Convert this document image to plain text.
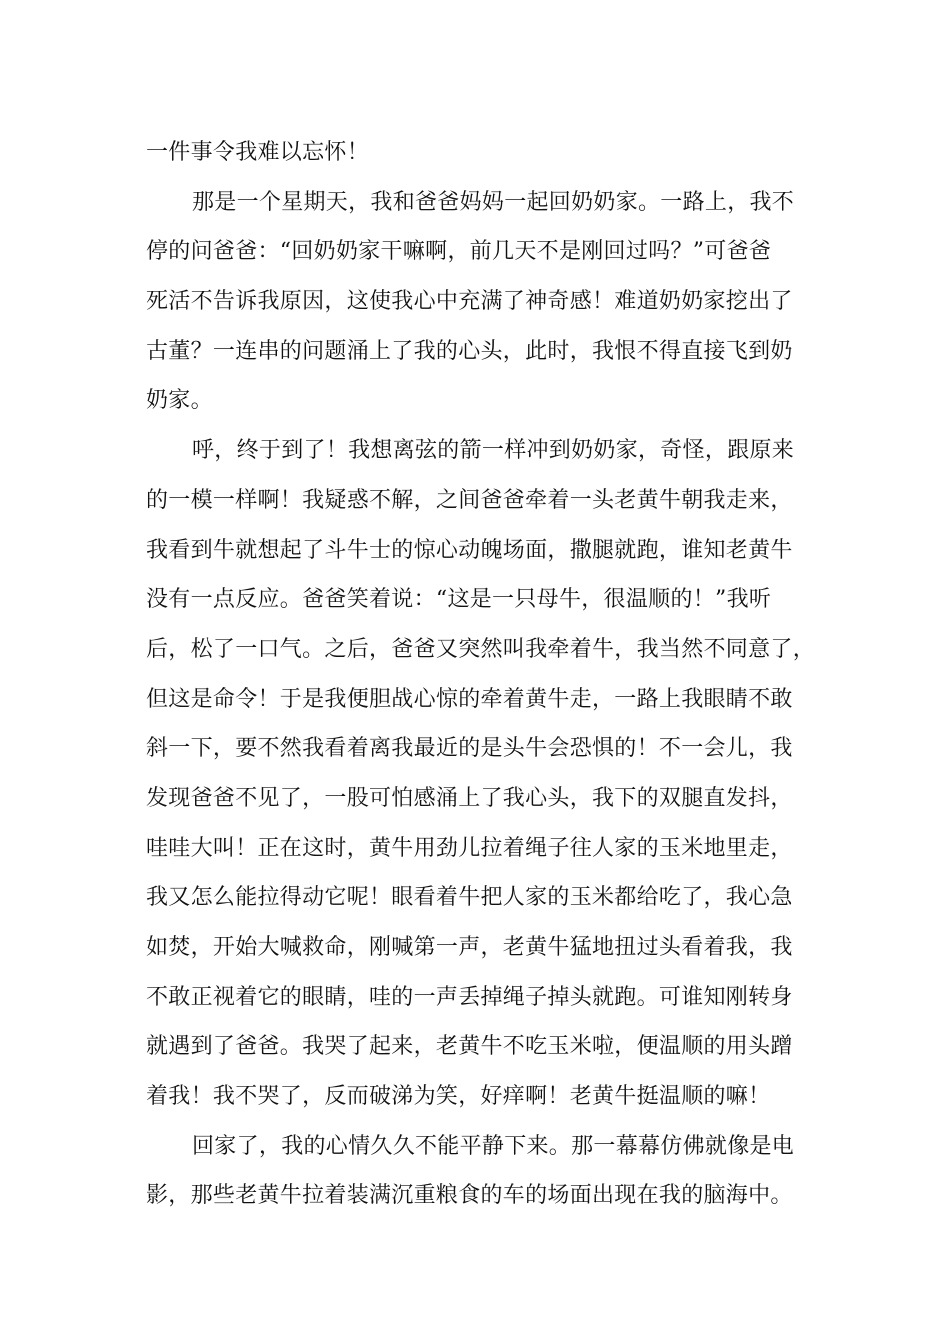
一件事令我难以忘怀！
那是一个星期天，我和爸爸妈妈一起回奶奶家。一路上，我不
停的问爸爸：“回奶奶家干嘛啊，前几天不是刚回过吗？”可爸爸
死活不告诉我原因，这使我心中充满了神奇感！难道奶奶家挖出了
古董？一连串的问题涌上了我的心头，此时，我恨不得直接飞到奶
奶家。
呼，终于到了！我想离弦的箭一样冲到奶奶家，奇怪，跟原来
的一模一样啊！我疑惑不解，之间爸爸牵着一头老黄牛朝我走来，
我看到牛就想起了斗牛士的惊心动魄场面，撒腿就跑，谁知老黄牛
没有一点反应。爸爸笑着说：“这是一只母牛，很温顺的！”我听
后，松了一口气。之后，爸爸又突然叫我牵着牛，我当然不同意了，
但这是命令！于是我便胆战心惊的牵着黄牛走，一路上我眼睛不敢
斜一下，要不然我看着离我最近的是头牛会恐惧的！不一会儿，我
发现爸爸不见了，一股可怕感涌上了我心头，我下的双腿直发抖，
哇哇大叫！正在这时，黄牛用劲儿拉着绳子往人家的玉米地里走，
我又怎么能拉得动它呢！眼看着牛把人家的玉米都给吃了，我心急
如焚，开始大喊救命，刚喊第一声，老黄牛猛地扭过头看着我，我
不敢正视着它的眼睛，哇的一声丢掉绳子掉头就跑。可谁知刚转身
就遇到了爸爸。我哭了起来，老黄牛不吃玉米啦，便温顺的用头蹭
着我！我不哭了，反而破涕为笑，好痒啊！老黄牛挺温顺的嘛！
回家了，我的心情久久不能平静下来。那一幕幕仿佛就像是电
影，那些老黄牛拉着装满沉重粮食的车的场面出现在我的脑海中。
